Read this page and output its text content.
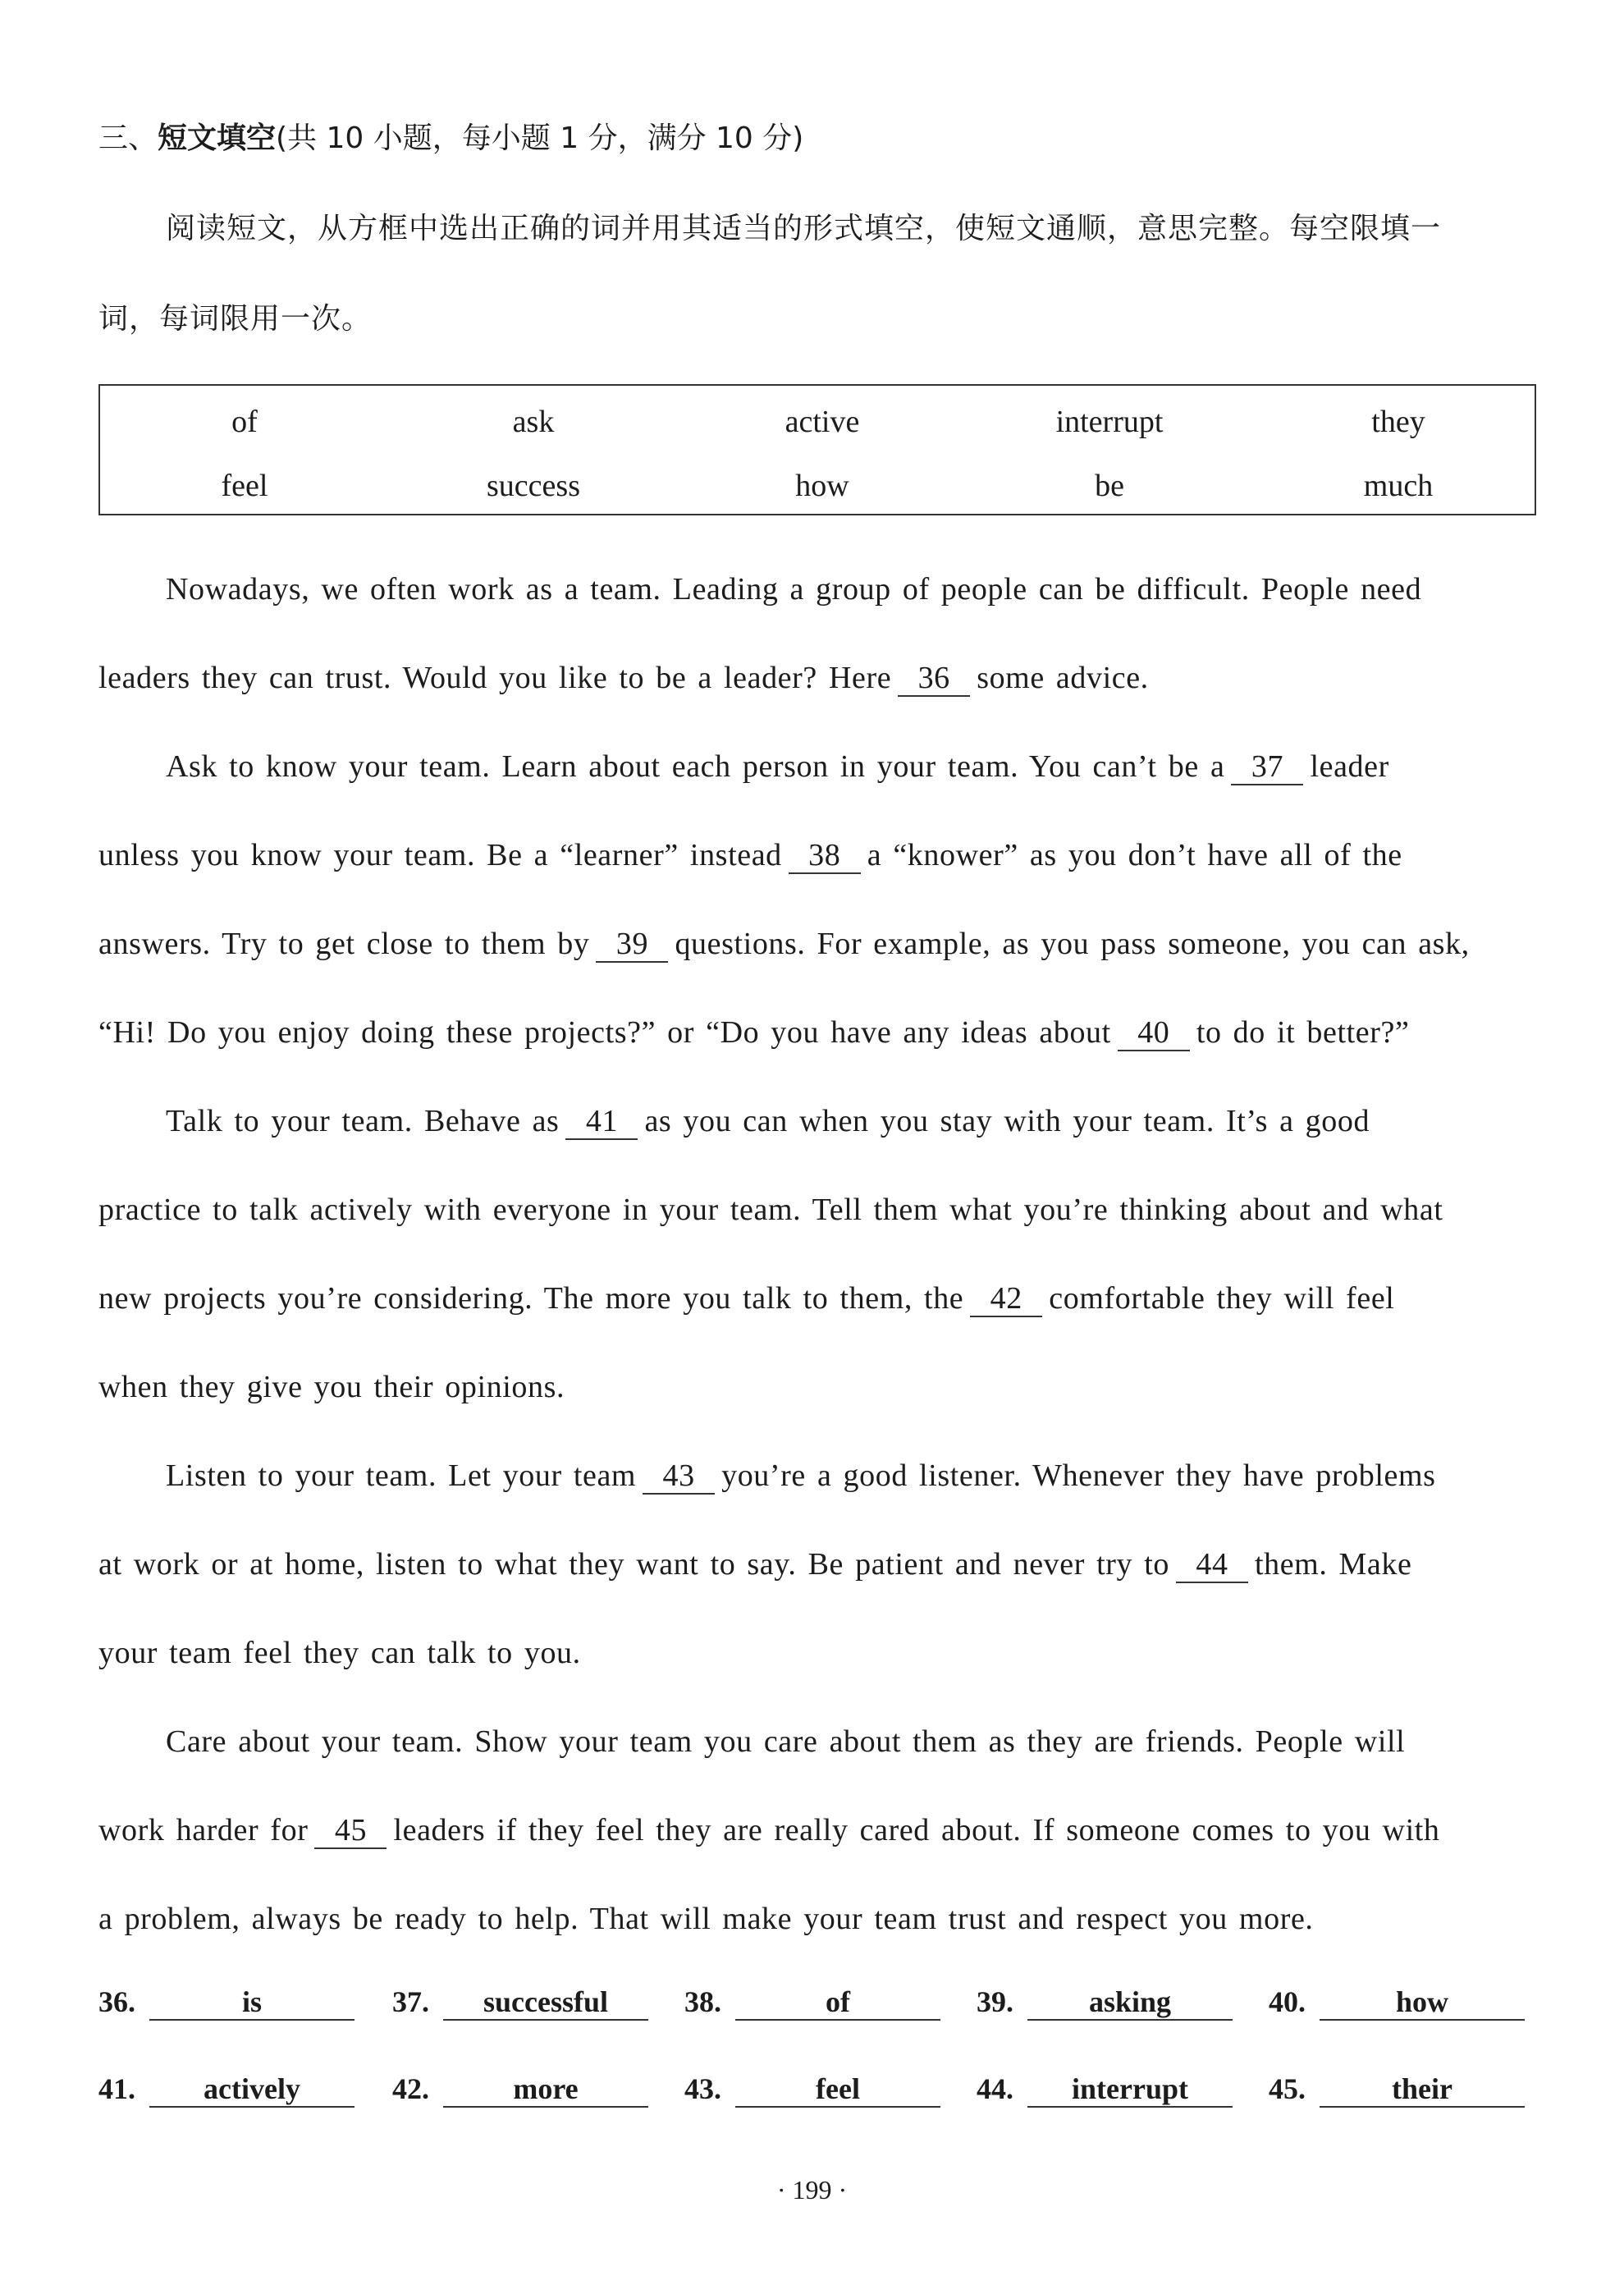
三、短文填空(共 10 小题，每小题 1 分，满分 10 分)
阅读短文，从方框中选出正确的词并用其适当的形式填空，使短文通顺，意思完整。每空限填一
词，每词限用一次。
of	ask	active	interrupt	they
feel	success	how	be	much
Nowadays, we often work as a team. Leading a group of people can be difficult. People need
leaders they can trust. Would you like to be a leader? Here 36 some advice.
Ask to know your team. Learn about each person in your team. You can’t be a 37 leader
unless you know your team. Be a “learner” instead 38 a “knower” as you don’t have all of the
answers. Try to get close to them by 39 questions. For example, as you pass someone, you can ask,
“Hi! Do you enjoy doing these projects?” or “Do you have any ideas about 40 to do it better?”
Talk to your team. Behave as 41 as you can when you stay with your team. It’s a good
practice to talk actively with everyone in your team. Tell them what you’re thinking about and what
new projects you’re considering. The more you talk to them, the 42 comfortable they will feel
when they give you their opinions.
Listen to your team. Let your team 43 you’re a good listener. Whenever they have problems
at work or at home, listen to what they want to say. Be patient and never try to 44 them. Make
your team feel they can talk to you.
Care about your team. Show your team you care about them as they are friends. People will
work harder for 45 leaders if they feel they are really cared about. If someone comes to you with
a problem, always be ready to help. That will make your team trust and respect you more.
36.	is	37. successful	38.	of	39.	asking	40.	how
41. actively	42.	more	43.	feel	44. interrupt	45.	their
· 199 ·
